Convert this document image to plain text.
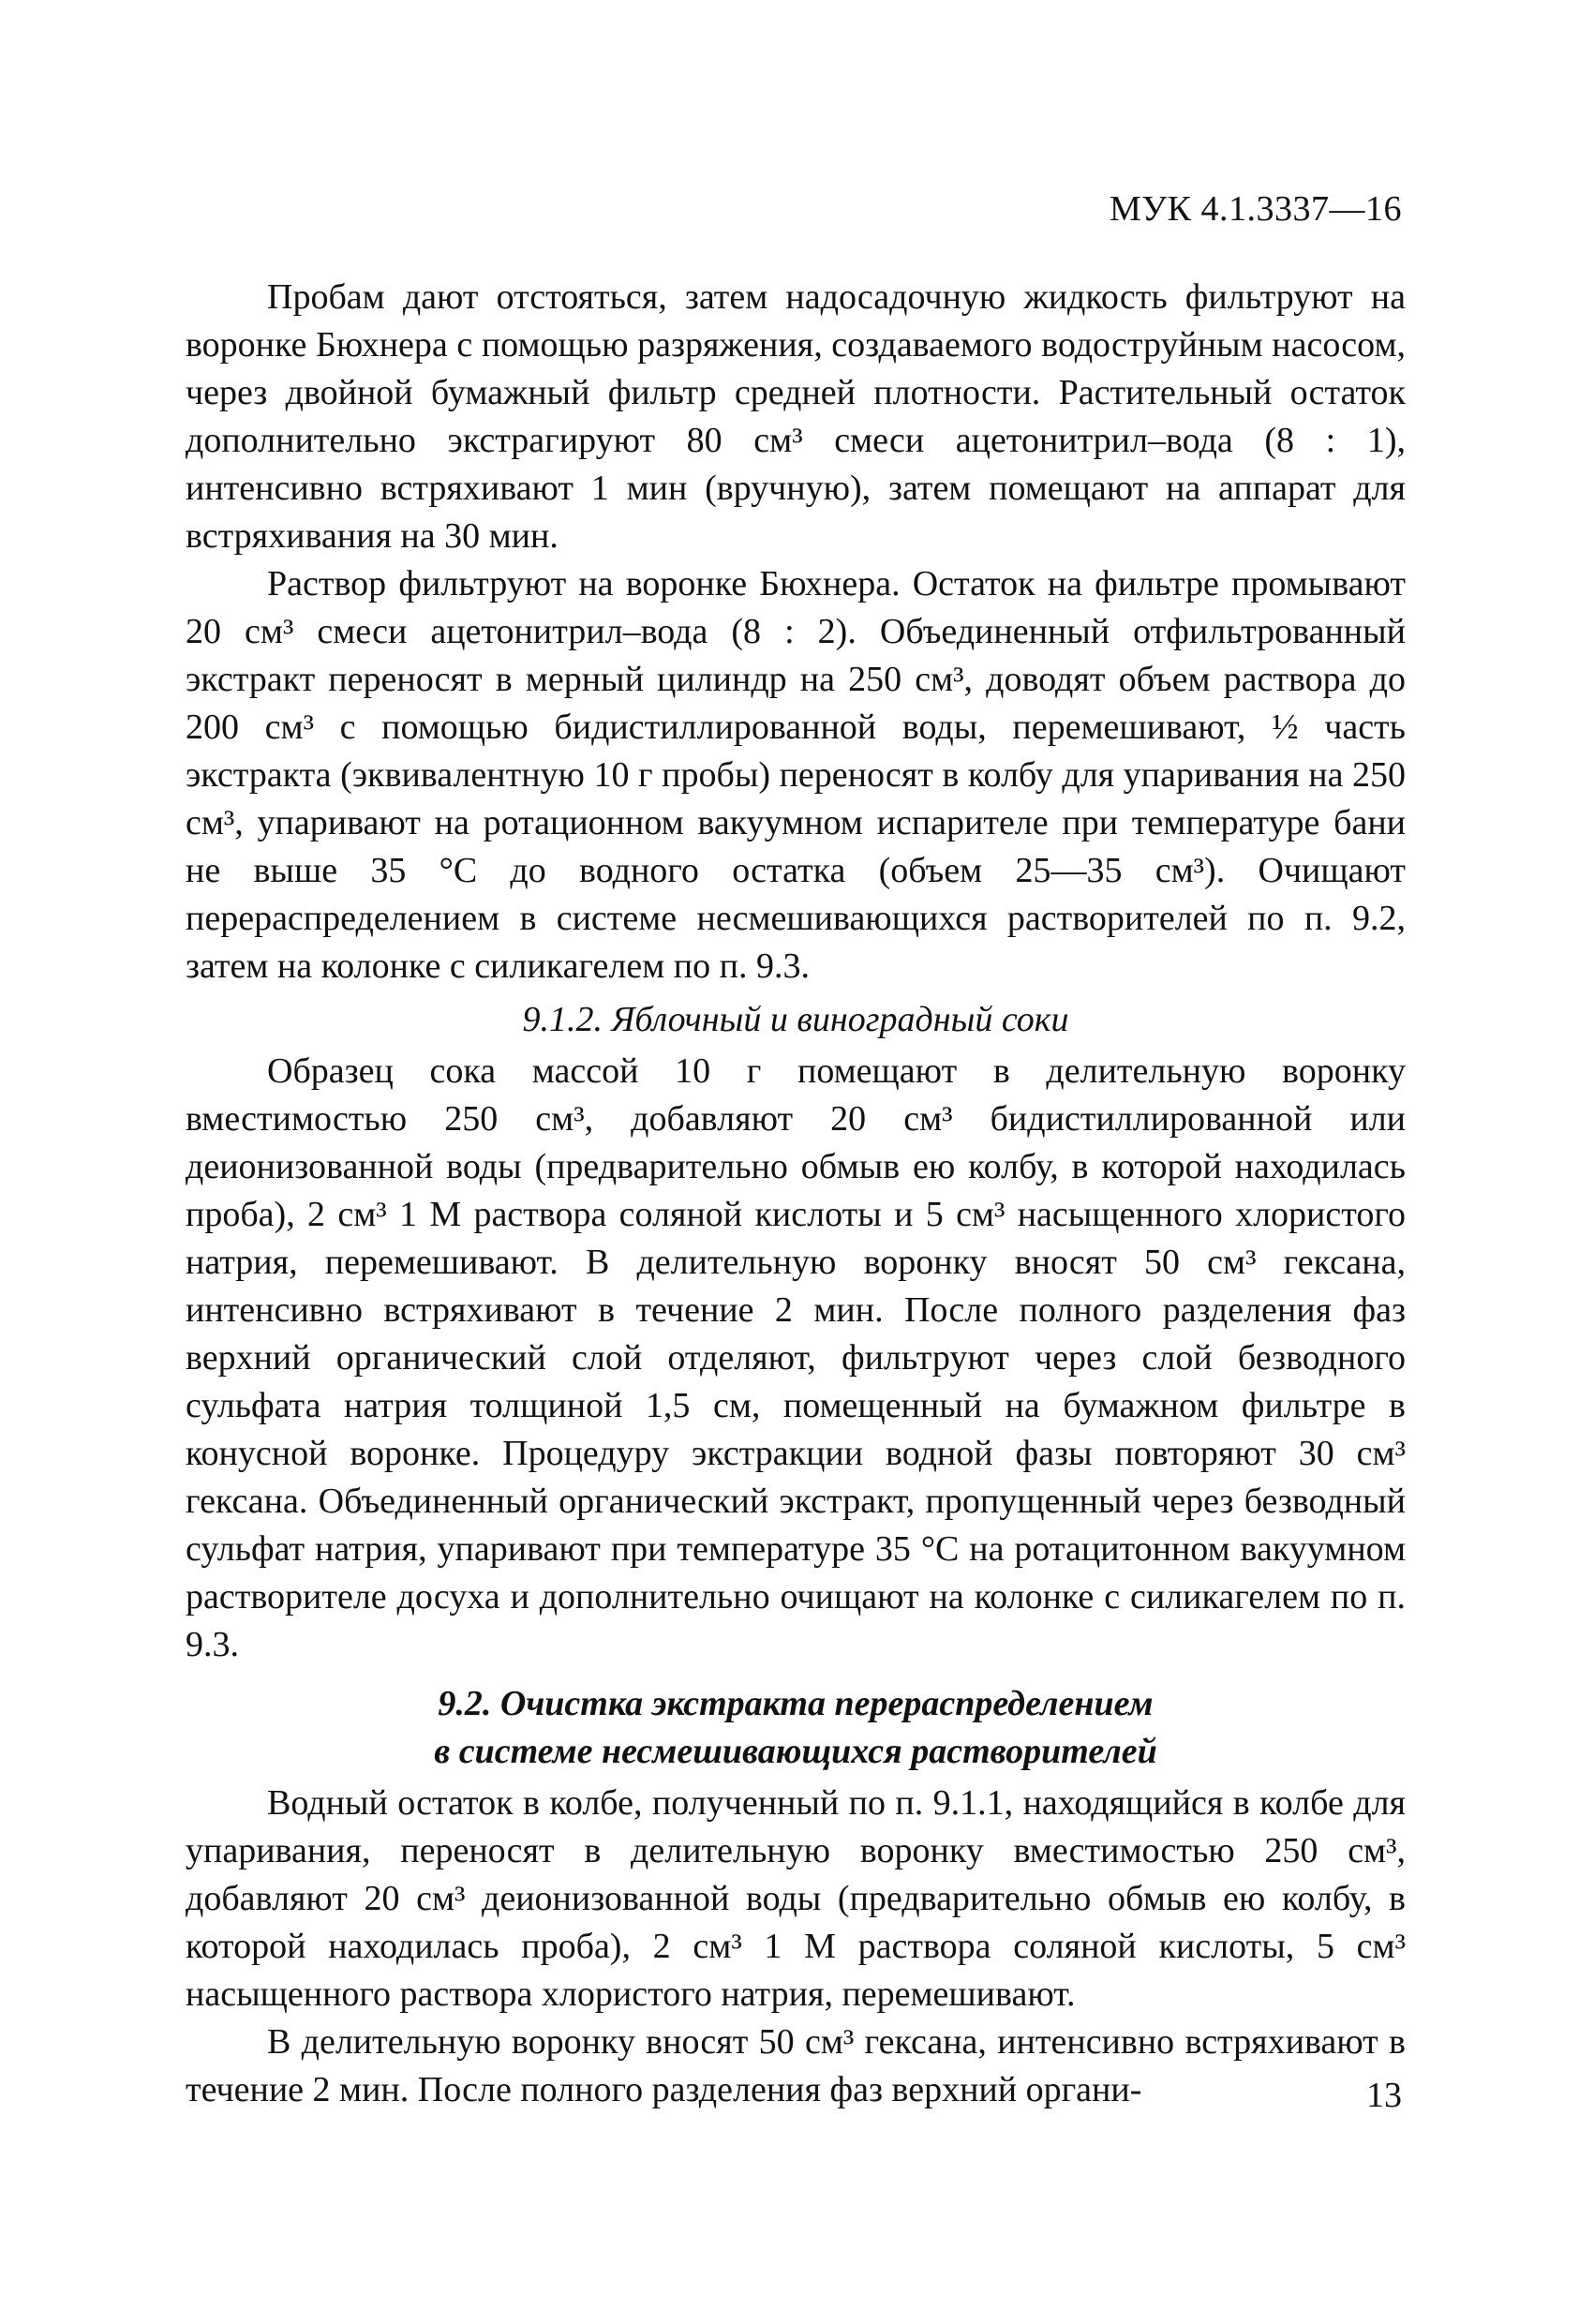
МУК 4.1.3337—16

Пробам дают отстояться, затем надосадочную жидкость фильтруют на воронке Бюхнера с помощью разряжения, создаваемого водоструйным насосом, через двойной бумажный фильтр средней плотности. Растительный остаток дополнительно экстрагируют 80 см³ смеси ацетонитрил–вода (8 : 1), интенсивно встряхивают 1 мин (вручную), затем помещают на аппарат для встряхивания на 30 мин.

Раствор фильтруют на воронке Бюхнера. Остаток на фильтре промывают 20 см³ смеси ацетонитрил–вода (8 : 2). Объединенный отфильтрованный экстракт переносят в мерный цилиндр на 250 см³, доводят объем раствора до 200 см³ с помощью бидистиллированной воды, перемешивают, ½ часть экстракта (эквивалентную 10 г пробы) переносят в колбу для упаривания на 250 см³, упаривают на ротационном вакуумном испарителе при температуре бани не выше 35 °С до водного остатка (объем 25—35 см³). Очищают перераспределением в системе несмешивающихся растворителей по п. 9.2, затем на колонке с силикагелем по п. 9.3.

9.1.2. Яблочный и виноградный соки

Образец сока массой 10 г помещают в делительную воронку вместимостью 250 см³, добавляют 20 см³ бидистиллированной или деионизованной воды (предварительно обмыв ею колбу, в которой находилась проба), 2 см³ 1 М раствора соляной кислоты и 5 см³ насыщенного хлористого натрия, перемешивают. В делительную воронку вносят 50 см³ гексана, интенсивно встряхивают в течение 2 мин. После полного разделения фаз верхний органический слой отделяют, фильтруют через слой безводного сульфата натрия толщиной 1,5 см, помещенный на бумажном фильтре в конусной воронке. Процедуру экстракции водной фазы повторяют 30 см³ гексана. Объединенный органический экстракт, пропущенный через безводный сульфат натрия, упаривают при температуре 35 °С на ротацитонном вакуумном растворителе досуха и дополнительно очищают на колонке с силикагелем по п. 9.3.

9.2. Очистка экстракта перераспределением
в системе несмешивающихся растворителей

Водный остаток в колбе, полученный по п. 9.1.1, находящийся в колбе для упаривания, переносят в делительную воронку вместимостью 250 см³, добавляют 20 см³ деионизованной воды (предварительно обмыв ею колбу, в которой находилась проба), 2 см³ 1 М раствора соляной кислоты, 5 см³ насыщенного раствора хлористого натрия, перемешивают.

В делительную воронку вносят 50 см³ гексана, интенсивно встряхивают в течение 2 мин. После полного разделения фаз верхний органи-	13
